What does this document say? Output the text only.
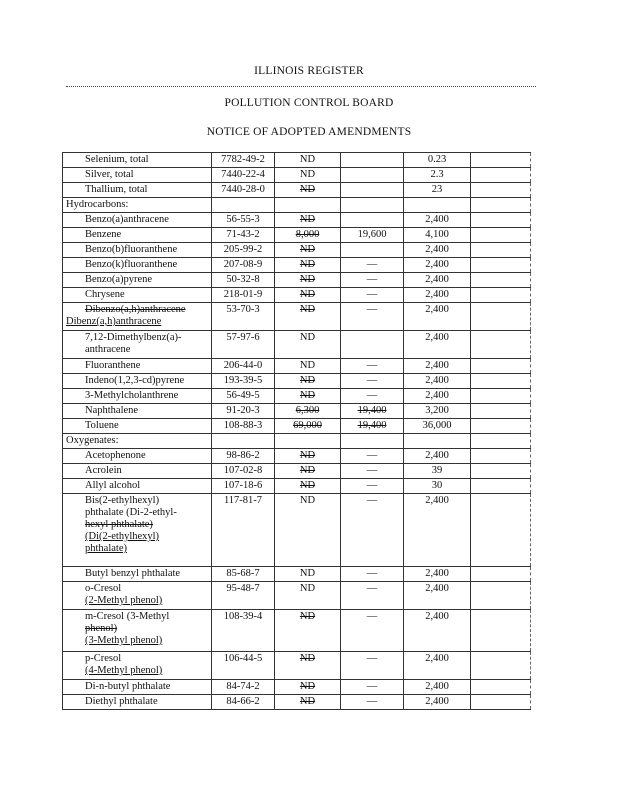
ILLINOIS REGISTER
POLLUTION CONTROL BOARD
NOTICE OF ADOPTED AMENDMENTS
Selenium, total	7782-49-2	ND		0.23	
Silver, total	7440-22-4	ND		2.3	
Thallium, total	7440-28-0	ND		23	
Hydrocarbons:					
Benzo(a)anthracene	56-55-3	ND		2,400	
Benzene	71-43-2	8,000	19,600	4,100	
Benzo(b)fluoranthene	205-99-2	ND		2,400	
Benzo(k)fluoranthene	207-08-9	ND	—	2,400	
Benzo(a)pyrene	50-32-8	ND	—	2,400	
Chrysene	218-01-9	ND	—	2,400	

Dibenzo(a,h)anthracene
Dibenz(a,h)anthracene	53-70-3	ND	—	2,400	

7,12-Dimethylbenz(a)-
anthracene	57-97-6	ND		2,400	
Fluoranthene	206-44-0	ND	—	2,400	
Indeno(1,2,3-cd)pyrene	193-39-5	ND	—	2,400	
3-Methylcholanthrene	56-49-5	ND	—	2,400	
Naphthalene	91-20-3	6,300	19,400	3,200	
Toluene	108-88-3	69,000	19,400	36,000	
Oxygenates:					
Acetophenone	98-86-2	ND	—	2,400	
Acrolein	107-02-8	ND	—	39	
Allyl alcohol	107-18-6	ND	—	30	

Bis(2-ethylhexyl)
phthalate (Di-2-ethyl-
hexyl phthalate)
(Di(2-ethylhexyl)
phthalate)	117-81-7	ND	—	2,400	
Butyl benzyl phthalate	85-68-7	ND	—	2,400	

o-Cresol
(2-Methyl phenol)	95-48-7	ND	—	2,400	

m-Cresol (3-Methyl
phenol)
(3-Methyl phenol)	108-39-4	ND	—	2,400	

p-Cresol
(4-Methyl phenol)	106-44-5	ND	—	2,400	
Di-n-butyl phthalate	84-74-2	ND	—	2,400	
Diethyl phthalate	84-66-2	ND	—	2,400	
